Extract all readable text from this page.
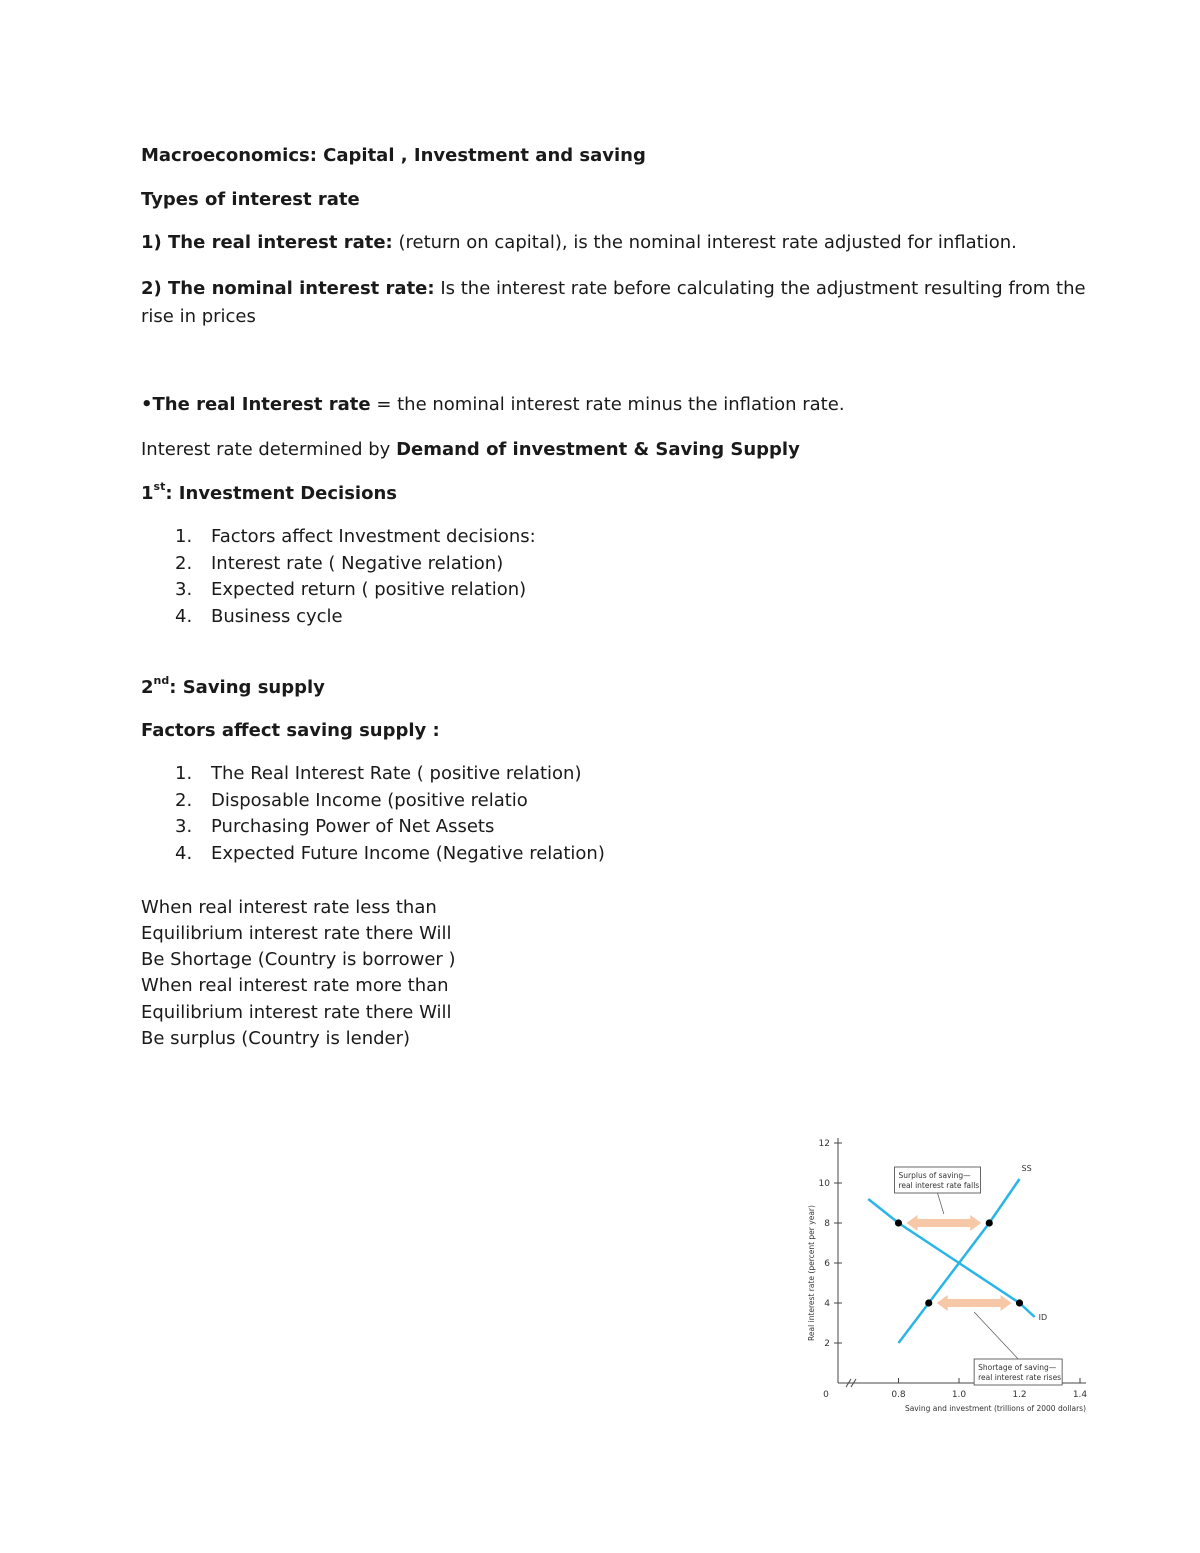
Macroeconomics: Capital , Investment and saving
Types of interest rate
1) The real interest rate: (return on capital), is the nominal interest rate adjusted for inflation.
2) The nominal interest rate: Is the interest rate before calculating the adjustment resulting from the
rise in prices
•The real Interest rate = the nominal interest rate minus the inflation rate.
Interest rate determined by Demand of investment & Saving Supply
1st: Investment Decisions
1. Factors affect Investment decisions:
2. Interest rate ( Negative relation)
3. Expected return ( positive relation)
4. Business cycle
2nd: Saving supply
Factors affect saving supply :
1. The Real Interest Rate ( positive relation)
2. Disposable Income (positive relatio
3. Purchasing Power of Net Assets
4. Expected Future Income (Negative relation)
When real interest rate less than
Equilibrium interest rate there Will
Be Shortage (Country is borrower )
When real interest rate more than
Equilibrium interest rate there Will
Be surplus (Country is lender)
2
4
6
8
10
12
0	0.8	1.0	1.2	1.4
Saving and investment (trillions of 2000 dollars)
Real interest rate (percent per year)
SS
ID
Surplus of saving—
real interest rate falls
Shortage of saving—
real interest rate rises
